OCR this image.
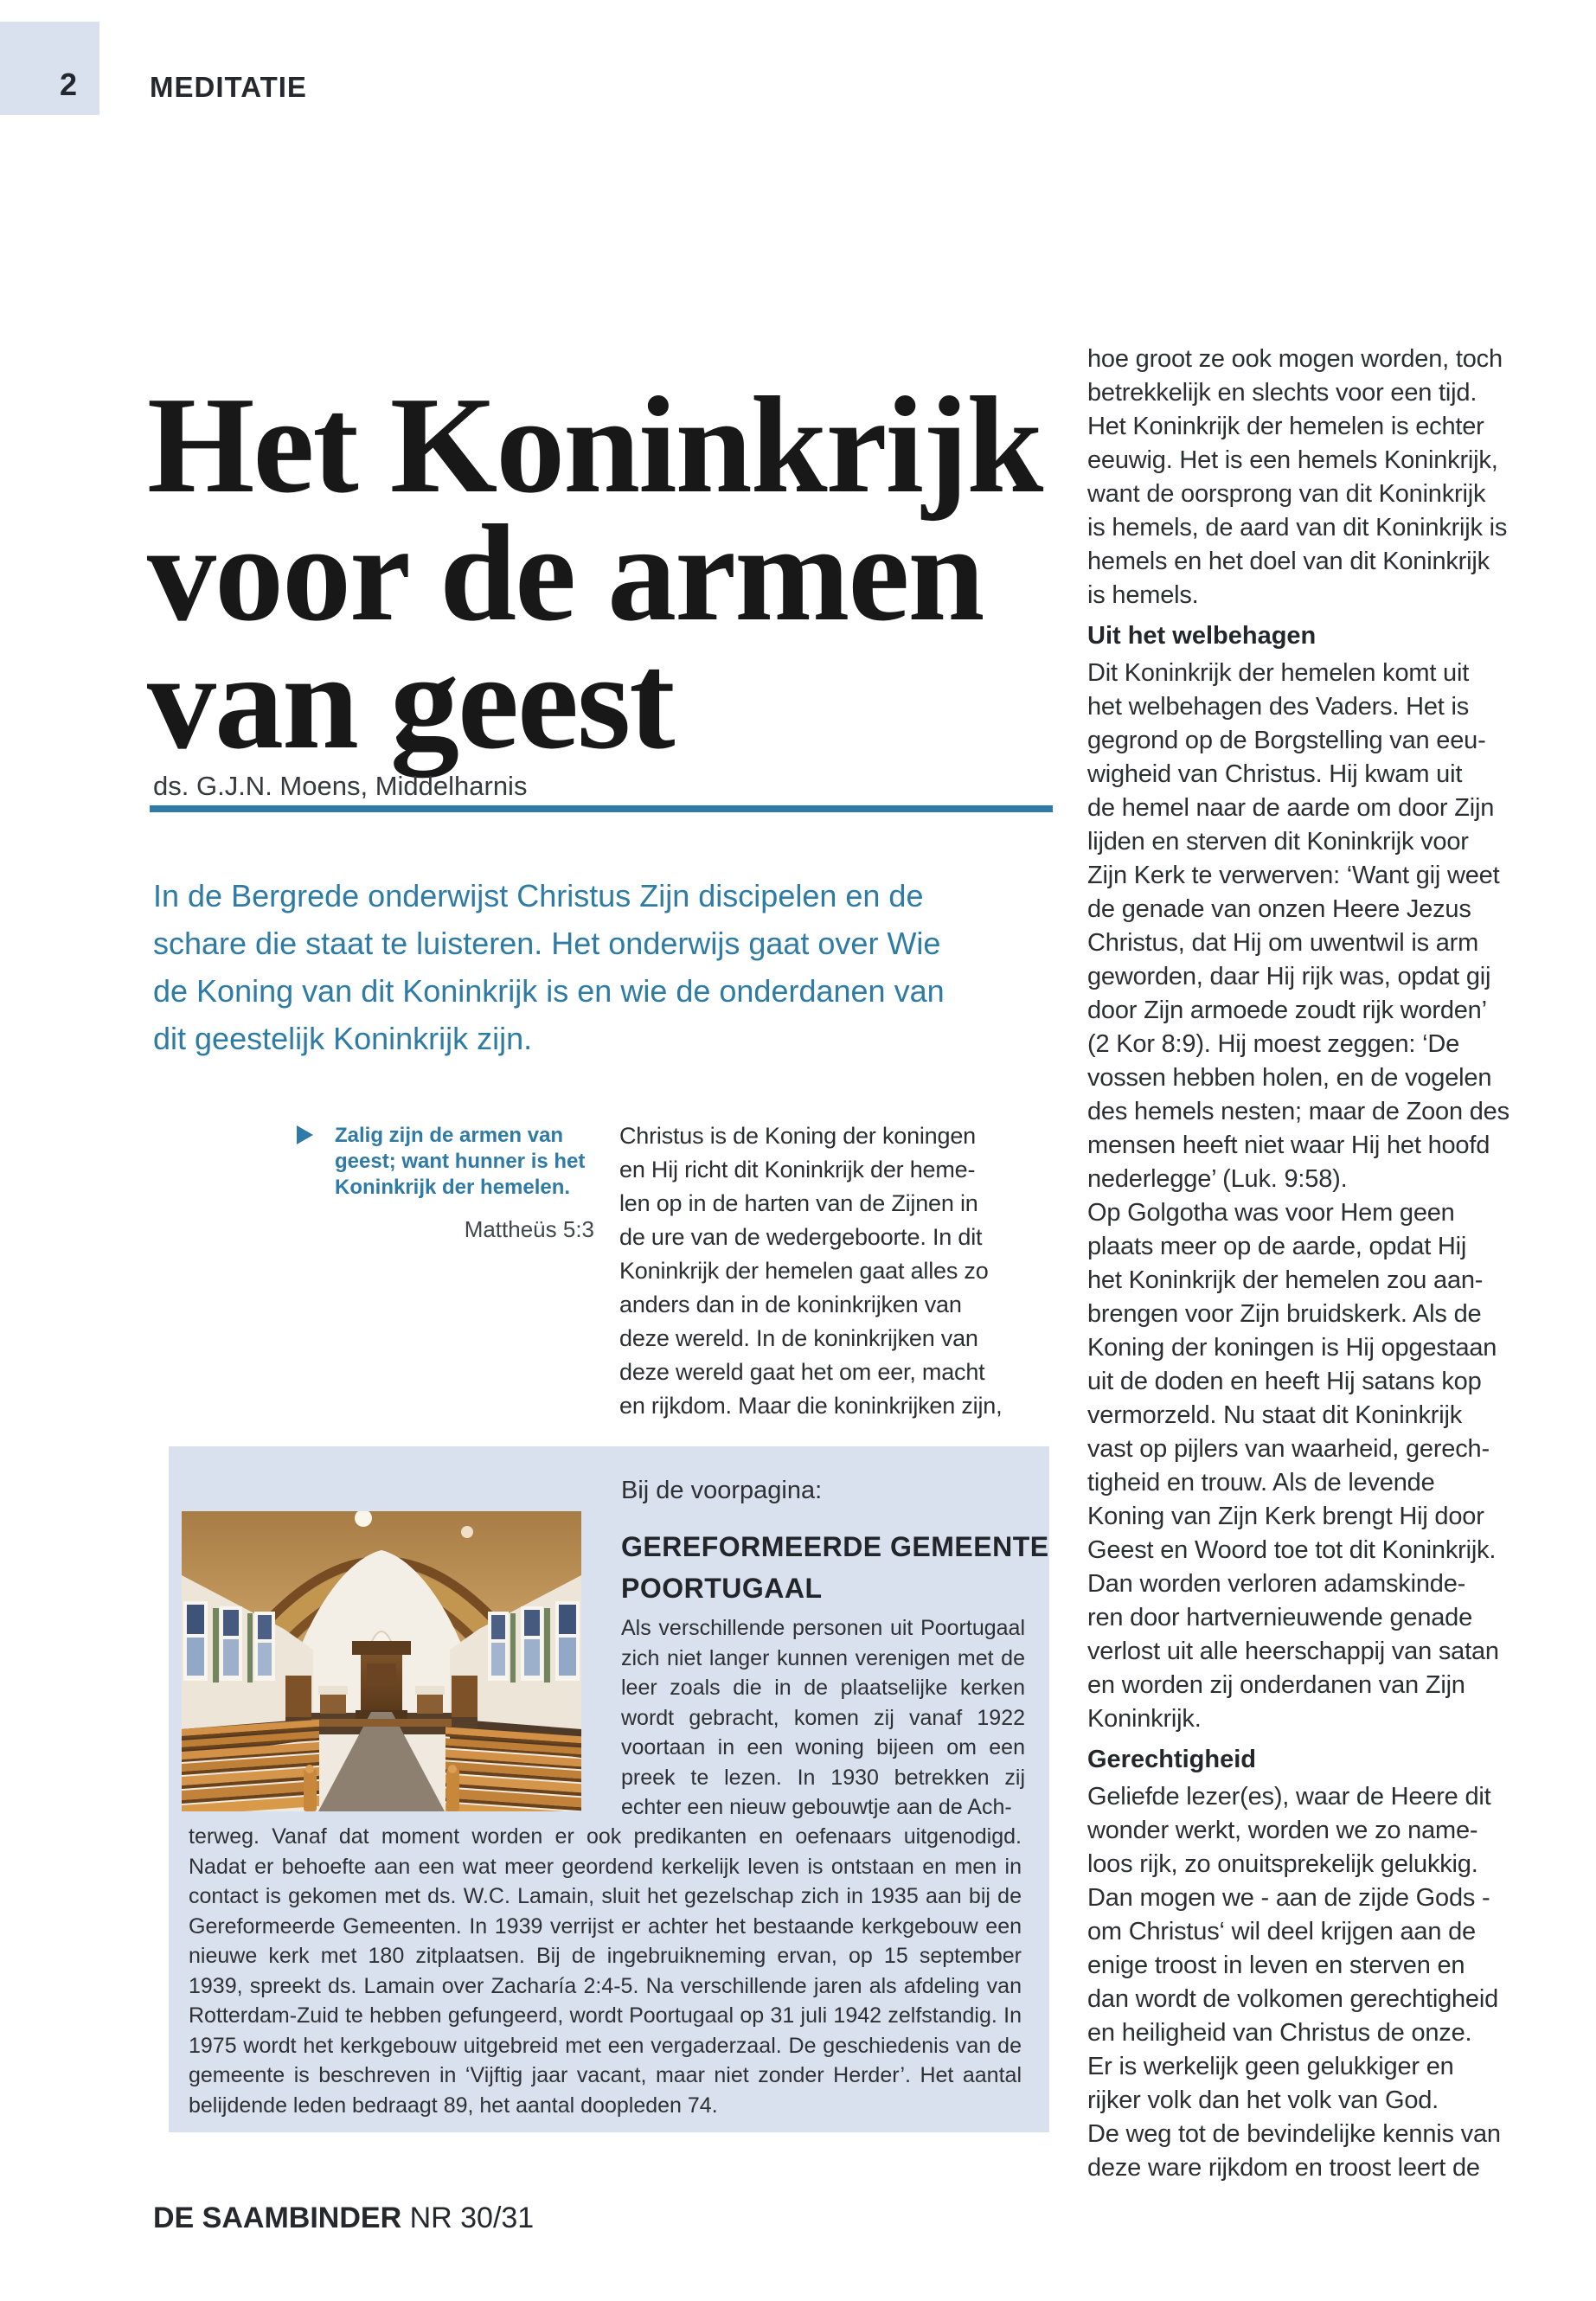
2	MEDITATIE
Het Koninkrijk
voor de armen
van geest
ds. G.J.N. Moens, Middelharnis
In de Bergrede onderwijst Christus Zijn discipelen en de
schare die staat te luisteren. Het onderwijs gaat over Wie
de Koning van dit Koninkrijk is en wie de onderdanen van
dit geestelijk Koninkrijk zijn.
Zalig zijn de armen van
geest; want hunner is het
Koninkrijk der hemelen.
Mattheüs 5:3
Christus is de Koning der koningen
en Hij richt dit Koninkrijk der heme-
len op in de harten van de Zijnen in
de ure van de wedergeboorte. In dit
Koninkrijk der hemelen gaat alles zo
anders dan in de koninkrijken van
deze wereld. In de koninkrijken van
deze wereld gaat het om eer, macht
en rijkdom. Maar die koninkrijken zijn,
hoe groot ze ook mogen worden, toch
betrekkelijk en slechts voor een tijd.
Het Koninkrijk der hemelen is echter
eeuwig. Het is een hemels Koninkrijk,
want de oorsprong van dit Koninkrijk
is hemels, de aard van dit Koninkrijk is
hemels en het doel van dit Koninkrijk
is hemels.
Uit het welbehagen
Dit Koninkrijk der hemelen komt uit
het welbehagen des Vaders. Het is
gegrond op de Borgstelling van eeu-
wigheid van Christus. Hij kwam uit
de hemel naar de aarde om door Zijn
lijden en sterven dit Koninkrijk voor
Zijn Kerk te verwerven: ‘Want gij weet
de genade van onzen Heere Jezus
Christus, dat Hij om uwentwil is arm
geworden, daar Hij rijk was, opdat gij
door Zijn armoede zoudt rijk worden’
(2 Kor 8:9). Hij moest zeggen: ‘De
vossen hebben holen, en de vogelen
des hemels nesten; maar de Zoon des
mensen heeft niet waar Hij het hoofd
nederlegge’ (Luk. 9:58).
Op Golgotha was voor Hem geen
plaats meer op de aarde, opdat Hij
het Koninkrijk der hemelen zou aan-
brengen voor Zijn bruidskerk. Als de
Koning der koningen is Hij opgestaan
uit de doden en heeft Hij satans kop
vermorzeld. Nu staat dit Koninkrijk
vast op pijlers van waarheid, gerech-
tigheid en trouw. Als de levende
Koning van Zijn Kerk brengt Hij door
Geest en Woord toe tot dit Koninkrijk.
Dan worden verloren adamskinde-
ren door hartvernieuwende genade
verlost uit alle heerschappij van satan
en worden zij onderdanen van Zijn
Koninkrijk.
Gerechtigheid
Geliefde lezer(es), waar de Heere dit
wonder werkt, worden we zo name-
loos rijk, zo onuitsprekelijk gelukkig.
Dan mogen we - aan de zijde Gods -
om Christus‘ wil deel krijgen aan de
enige troost in leven en sterven en
dan wordt de volkomen gerechtigheid
en heiligheid van Christus de onze.
Er is werkelijk geen gelukkiger en
rijker volk dan het volk van God.
De weg tot de bevindelijke kennis van
deze ware rijkdom en troost leert de
Bij de voorpagina:
GEREFORMEERDE GEMEENTE
POORTUGAAL
Als verschillende personen uit Poortugaal zich niet langer kunnen verenigen met de leer zoals die in de plaatselijke kerken wordt gebracht, komen zij vanaf 1922 voortaan in een woning bijeen om een preek te lezen. In 1930 betrekken zij echter een nieuw gebouwtje aan de Ach-
terweg. Vanaf dat moment worden er ook predikanten en oefenaars uitgenodigd. Nadat er behoefte aan een wat meer geordend kerkelijk leven is ontstaan en men in contact is gekomen met ds. W.C. Lamain, sluit het gezelschap zich in 1935 aan bij de Gereformeerde Gemeenten. In 1939 verrijst er achter het bestaande kerkgebouw een nieuwe kerk met 180 zitplaatsen. Bij de ingebruikneming ervan, op 15 september 1939, spreekt ds. Lamain over Zacharía 2:4-5. Na verschillende jaren als afdeling van Rotterdam-Zuid te hebben gefungeerd, wordt Poortugaal op 31 juli 1942 zelfstandig. In 1975 wordt het kerkgebouw uitgebreid met een vergaderzaal. De geschiedenis van de gemeente is beschreven in ‘Vijftig jaar vacant, maar niet zonder Herder’. Het aantal belijdende leden bedraagt 89, het aantal doopleden 74.
DE SAAMBINDER NR 30/31
